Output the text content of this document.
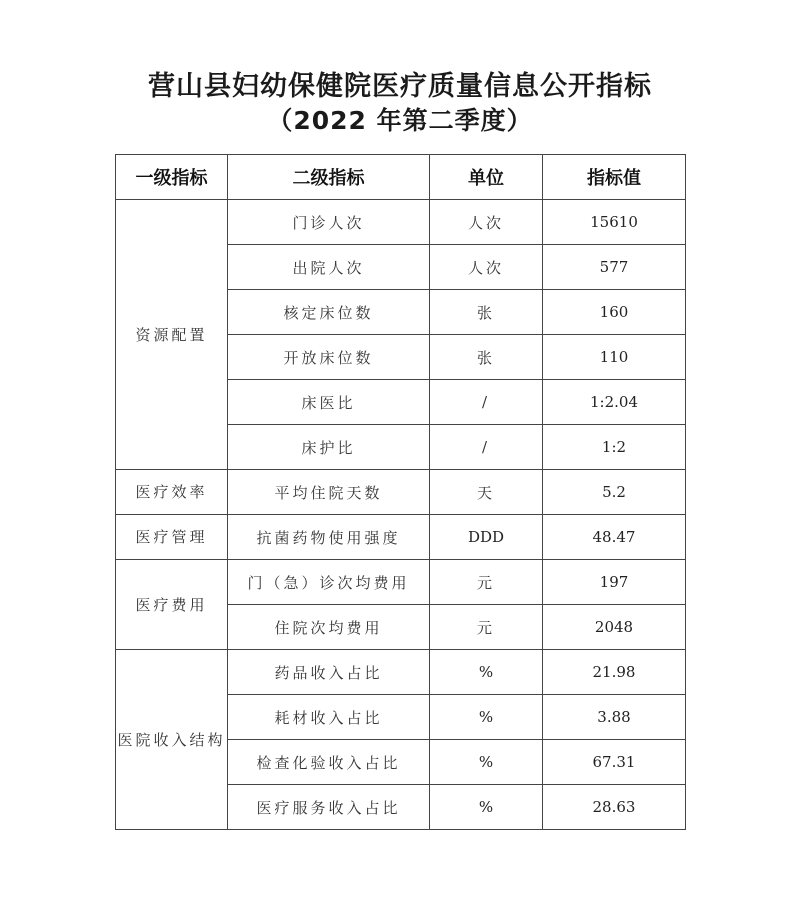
营山县妇幼保健院医疗质量信息公开指标
（2022 年第二季度）
一级指标	二级指标	单位	指标值
资源配置	门诊人次	人次	15610
	出院人次	人次	577
	核定床位数	张	160
	开放床位数	张	110
	床医比	/	1:2.04
	床护比	/	1:2
医疗效率	平均住院天数	天	5.2
医疗管理	抗菌药物使用强度	DDD	48.47
医疗费用	门（急）诊次均费用	元	197
	住院次均费用	元	2048
医院收入结构	药品收入占比	%	21.98
	耗材收入占比	%	3.88
	检查化验收入占比	%	67.31
	医疗服务收入占比	%	28.63
